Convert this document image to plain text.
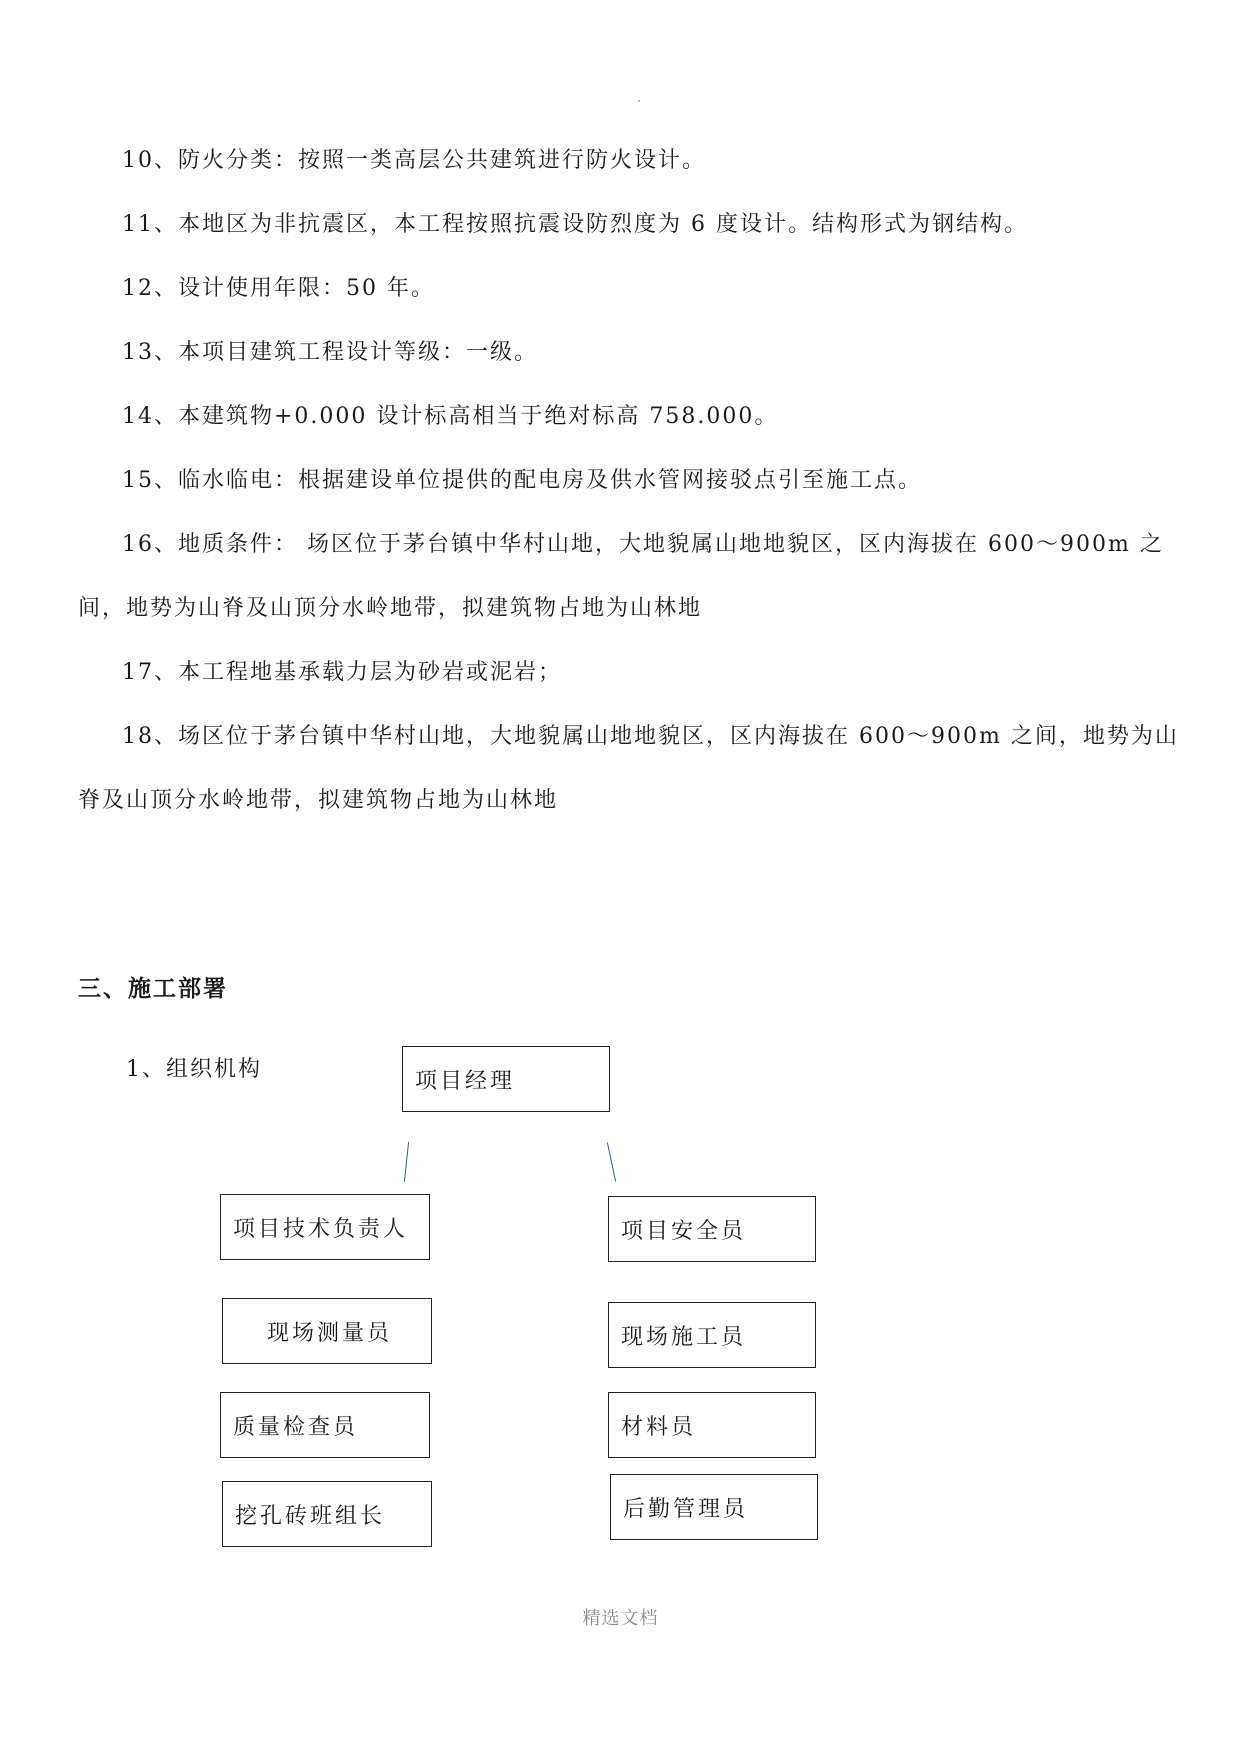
10、防火分类：按照一类高层公共建筑进行防火设计。
11、本地区为非抗震区，本工程按照抗震设防烈度为 6 度设计。结构形式为钢结构。
12、设计使用年限：50 年。
13、本项目建筑工程设计等级：一级。
14、本建筑物+0.000 设计标高相当于绝对标高 758.000。
15、临水临电：根据建设单位提供的配电房及供水管网接驳点引至施工点。
16、地质条件： 场区位于茅台镇中华村山地，大地貌属山地地貌区，区内海拔在 600～900m 之
间，地势为山脊及山顶分水岭地带，拟建筑物占地为山林地
17、本工程地基承载力层为砂岩或泥岩；
18、场区位于茅台镇中华村山地，大地貌属山地地貌区，区内海拔在 600～900m 之间，地势为山
脊及山顶分水岭地带，拟建筑物占地为山林地
三、施工部署
1、组织机构	项目经理
项目技术负责人
现场测量员
质量检查员
挖孔砖班组长
项目安全员
现场施工员
材料员
后勤管理员
精选文档
